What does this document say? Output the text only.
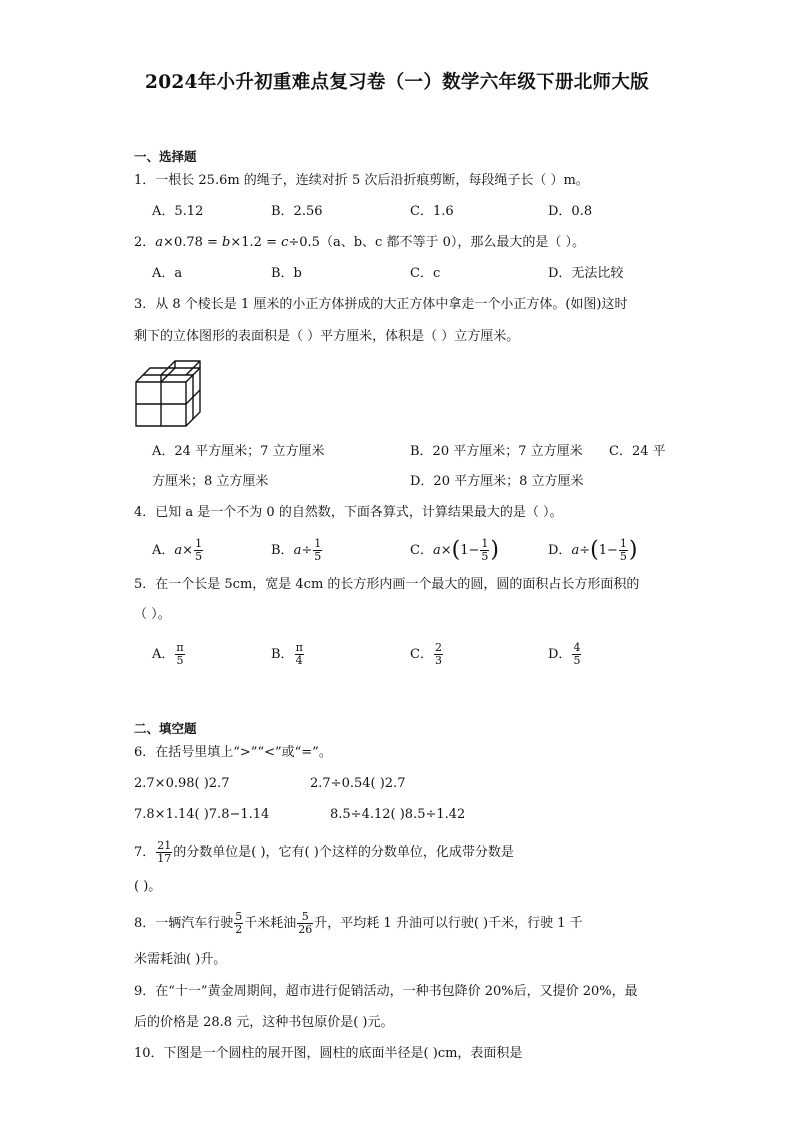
2024年小升初重难点复习卷（一）数学六年级下册北师大版
一、选择题
1．一根长 25.6m 的绳子，连续对折 5 次后沿折痕剪断，每段绳子长（ ）m。
A．5.12	B．2.56	C．1.6	D．0.8
2．a×0.78 = b×1.2 = c÷0.5（a、b、c 都不等于 0），那么最大的是（ ）。
A．a	B．b	C．c	D．无法比较
3．从 8 个棱长是 1 厘米的小正方体拼成的大正方体中拿走一个小正方体。(如图)这时
剩下的立体图形的表面积是（ ）平方厘米，体积是（ ）立方厘米。
A．24 平方厘米；7 立方厘米	B．20 平方厘米；7 立方厘米 C．24 平
方厘米；8 立方厘米	D．20 平方厘米；8 立方厘米
4．已知 a 是一个不为 0 的自然数，下面各算式，计算结果最大的是（ ）。
A．$a\times \frac{1}{5}$	B．$a\div \frac{1}{5}$	C．$a\times(1- \frac{1}{5}$ )	D．$a\div(1- \frac{1}{5}$ )
5．在一个长是 5cm，宽是 4cm 的长方形内画一个最大的圆，圆的面积占长方形面积的
（ ）。
A． $\frac{\pi}{5}$	B． $\frac{\pi}{4}$	C． $\frac{2}{3}$	D． $\frac{4}{5}$
二、填空题
6．在括号里填上“>”“<”或“=”。
2.7×0.98( )2.7	2.7÷0.54( )2.7
7.8×1.14( )7.8−1.14	8.5÷4.12( )8.5÷1.42
7． $\frac{21}{17}$ 的分数单位是( )，它有( )个这样的分数单位，化成带分数是
( )。
8．一辆汽车行驶 $\frac{5}{2}$ 千米耗油 $\frac{5}{26}$ 升，平均耗 1 升油可以行驶( )千米，行驶 1 千
米需耗油( )升。
9．在“十一”黄金周期间，超市进行促销活动，一种书包降价 20%后，又提价 20%，最
后的价格是 28.8 元，这种书包原价是( )元。
10．下图是一个圆柱的展开图，圆柱的底面半径是( )cm，表面积是
